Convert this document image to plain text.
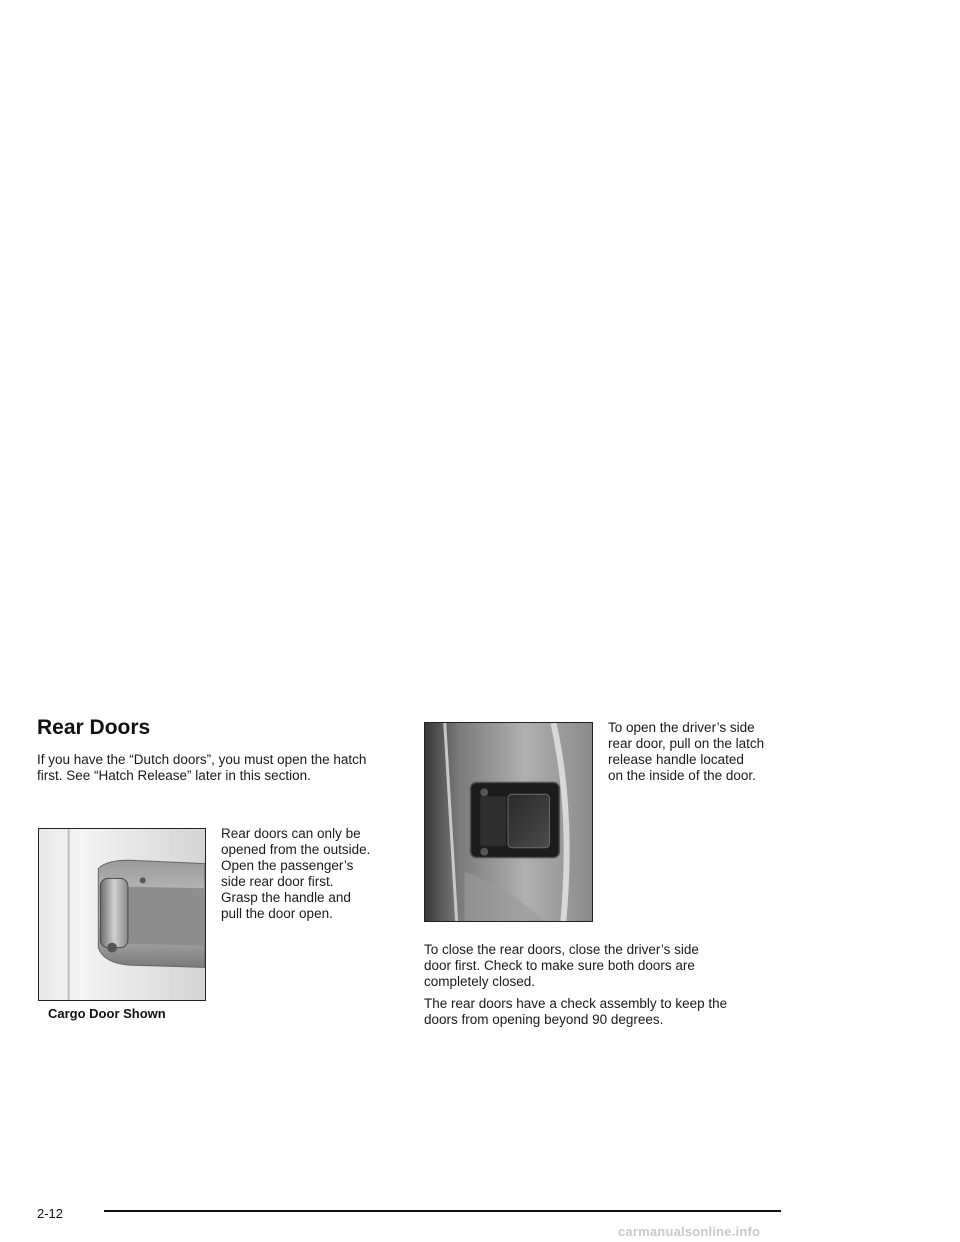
Rear Doors

If you have the “Dutch doors”, you must open the hatch
first. See “Hatch Release” later in this section.

Rear doors can only be
opened from the outside.
Open the passenger’s
side rear door first.
Grasp the handle and
pull the door open.

Cargo Door Shown

To open the driver’s side
rear door, pull on the latch
release handle located
on the inside of the door.

To close the rear doors, close the driver’s side
door first. Check to make sure both doors are
completely closed.

The rear doors have a check assembly to keep the
doors from opening beyond 90 degrees.

2-12

carmanualsonline.info
